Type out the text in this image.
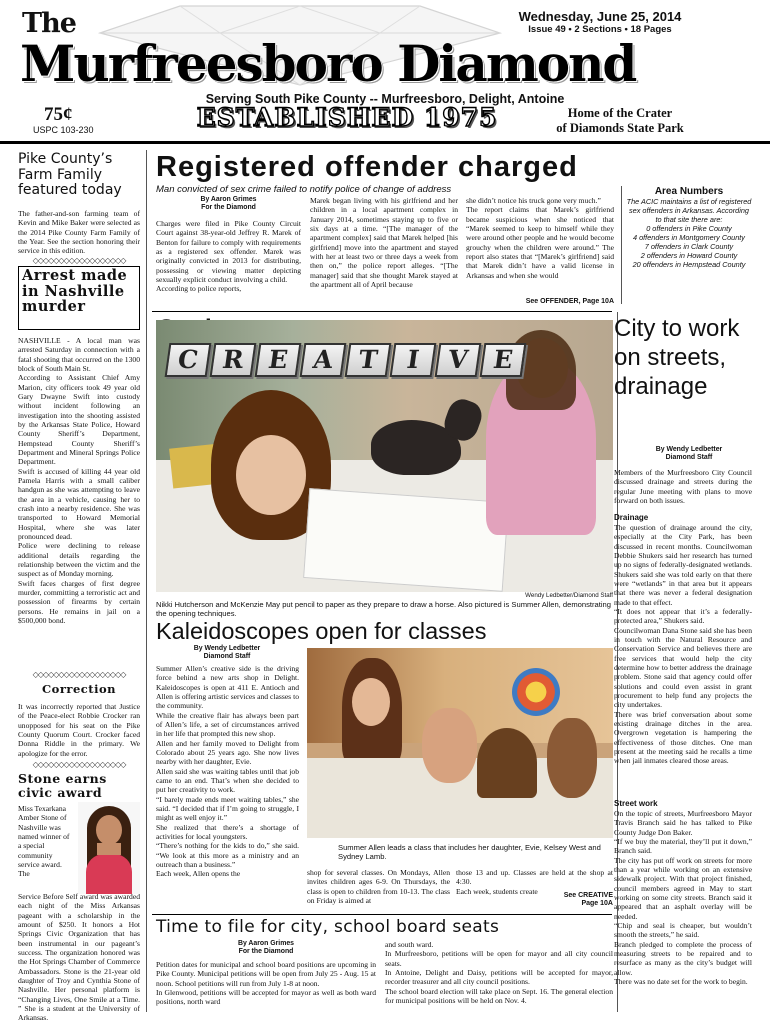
The
Murfreesboro Diamond
Wednesday, June 25, 2014
Issue 49 • 2 Sections • 18 Pages
Serving South Pike County -- Murfreesboro, Delight, Antoine
75¢
USPC 103-230	ESTABLISHED 1975	Home of the Crater
of Diamonds State Park
Pike County’s Farm Family featured today
The father-and-son farming team of Kevin and Mike Baker were selected as the 2014 Pike County Farm Family of the Year. See the section honoring their service in this edition.
◇◇◇◇◇◇◇◇◇◇◇◇◇◇◇◇◇◇
Arrest made in Nashville murder
NASHVILLE - A local man was arrested Saturday in connection with a fatal shooting that occurred on the 1300 block of South Main St.
According to Assistant Chief Amy Marion, city officers took 49 year old Gary Dwayne Swift into custody without incident following an investigation into the shooting assisted by the Arkansas State Police, Howard County Sheriff’s Department, Hempstead County Sheriff’s Department and Mineral Springs Police Department.
Swift is accused of killing 44 year old Pamela Harris with a small caliber handgun as she was attempting to leave the area in a vehicle, causing her to crash into a nearby residence. She was transported to Howard Memorial Hospital, where she was later pronounced dead.
Police were declining to release additional details regarding the relationship between the victim and the suspect as of Monday morning.
Swift faces charges of first degree murder, committing a terroristic act and possession of firearms by certain persons. He remains in jail on a $500,000 bond.
◇◇◇◇◇◇◇◇◇◇◇◇◇◇◇◇◇◇
Correction
It was incorrectly reported that Justice of the Peace-elect Robbie Crocker ran unopposed for his seat on the Pike County Quorum Court. Crocker faced Donna Riddle in the primary. We apologize for the error.
◇◇◇◇◇◇◇◇◇◇◇◇◇◇◇◇◇◇
Stone earns civic award
Miss Texarkana Amber Stone of Nashville was named winner of a special community service award. The
Service Before Self award was awarded each night of the Miss Arkansas pageant with a scholarship in the amount of $250. It honors a Hot Springs Civic Organization that has been instrumental in our pageant’s success. The organization honored was the Hot Springs Chamber of Commerce Ambassadors. Stone is the 21-year old daughter of Troy and Cynthia Stone of Nashville. Her personal platform is “Changing Lives, One Smile at a Time. ” She is a student at the University of Arkansas.
Registered offender charged
Man convicted of sex crime failed to notify police of change of address
By Aaron Grimes
For the Diamond
Charges were filed in Pike County Circuit Court against 38-year-old Jeffrey R. Marek of Benton for failure to comply with requirements as a registered sex offender. Marek was originally convicted in 2013 for distributing, possessing or viewing matter depicting sexually explicit conduct involving a child.
According to police reports,
Marek began living with his girlfriend and her children in a local apartment complex in January 2014, sometimes staying up to five or six days at a time. “[The manager of the apartment complex] said that Marek helped [his girlfriend] move into the apartment and stayed with her at least two or three days a week from then on,” the police report alleges. “[The manager] said that she thought Marek stayed at the apartment all of April because
she didn’t notice his truck gone very much.”
The report claims that Marek’s girlfriend became suspicious when she noticed that “Marek seemed to keep to himself while they were around other people and he would become grouchy when the children were around.” The report also states that “[Marek’s girlfriend] said that Marek didn’t have a valid license in Arkansas and when she would
See OFFENDER, Page 10A
Area Numbers
The ACIC maintains a list of registered sex offenders in Arkansas. According to that site there are:
0 offenders in Pike County
4 offenders in Montgomery County
7 offenders in Clark County
2 offenders in Howard County
20 offenders in Hempstead County
C R E A T I V E
Wendy Ledbetter/Diamond Staff
Nikki Hutcherson and McKenzie May put pencil to paper as they prepare to draw a horse. Also pictured is Summer Allen, demonstrating the opening techniques.
Kaleidoscopes open for classes
By Wendy Ledbetter
Diamond Staff
Summer Allen’s creative side is the driving force behind a new arts shop in Delight. Kaleidoscopes is open at 411 E. Antioch and Allen is offering artistic services and classes to the community.
While the creative flair has always been part of Allen’s life, a set of circumstances arrived in her life that prompted this new shop.
Allen and her family moved to Delight from Colorado about 25 years ago. She now lives nearby with her daughter, Evie.
Allen said she was waiting tables until that job came to an end. That’s when she decided to put her creativity to work.
“I barely made ends meet waiting tables,” she said. “I decided that if I’m going to struggle, I might as well enjoy it.”
She realized that there’s a shortage of activities for local youngsters.
“There’s nothing for the kids to do,” she said. “We look at this more as a ministry and an outreach than a business.”
Each week, Allen opens the
Summer Allen leads a class that includes her daughter, Evie, Kelsey West and Sydney Lamb.
shop for several classes. On Mondays, Allen invites children ages 6-9. On Thursdays, the class is open to children from 10-13. The class on Friday is aimed at
those 13 and up. Classes are held at the shop at 4:30.
Each week, students create	See CREATIVE
Page 10A
Time to file for city, school board seats
By Aaron Grimes
For the Diamond
Petition dates for municipal and school board positions are upcoming in Pike County. Municipal petitions will be open from July 25 - Aug. 15 at noon. School petitions will run from July 1-8 at noon.
In Glenwood, petitions will be accepted for mayor as well as both ward positions, north ward
and south ward.
In Murfreesboro, petitions will be open for mayor and all city council seats.
In Antoine, Delight and Daisy, petitions will be accepted for mayor, recorder treasurer and all city council positions.
The school board election will take place on Sept. 16. The general election for municipal positions will be held on Nov. 4.
City to work on streets, drainage
By Wendy Ledbetter
Diamond Staff
Members of the Murfreesboro City Council discussed drainage and streets during the regular June meeting with plans to move forward on both issues.
Drainage
The question of drainage around the city, especially at the City Park, has been discussed in recent months. Councilwoman Debbie Shukers said her research has turned up no signs of federally-designated wetlands. Shukers said she was told early on that there were “wetlands” in that area but it appears that there was never a federal designation made to that effect.
“It does not appear that it’s a federally-protected area,” Shukers said.
Councilwoman Dana Stone said she has been in touch with the Natural Resource and Conservation Service and believes there are free services that would help the city determine how to better address the drainage problem. Stone said that agency could offer solutions and could even assist in grant procurement to help fund any projects the city undertakes.
There was brief conversation about some existing drainage ditches in the area. Overgrown vegetation is hampering the effectiveness of those ditches. One man present at the meeting said he recalls a time when jail inmates cleared those areas.
Street work
On the topic of streets, Murfreesboro Mayor Travis Branch said he has talked to Pike County Judge Don Baker.
“If we buy the material, they’ll put it down,” Branch said.
The city has put off work on streets for more than a year while working on an extensive sidewalk project. With that project finished, council members agreed in May to start working on some city streets. Branch said it appeared that an asphalt overlay will be needed.
“Chip and seal is cheaper, but wouldn’t smooth the streets,” he said.
Branch pledged to complete the process of measuring streets to be repaired and to resurface as many as the city’s budget will allow.
There was no date set for the work to begin.
